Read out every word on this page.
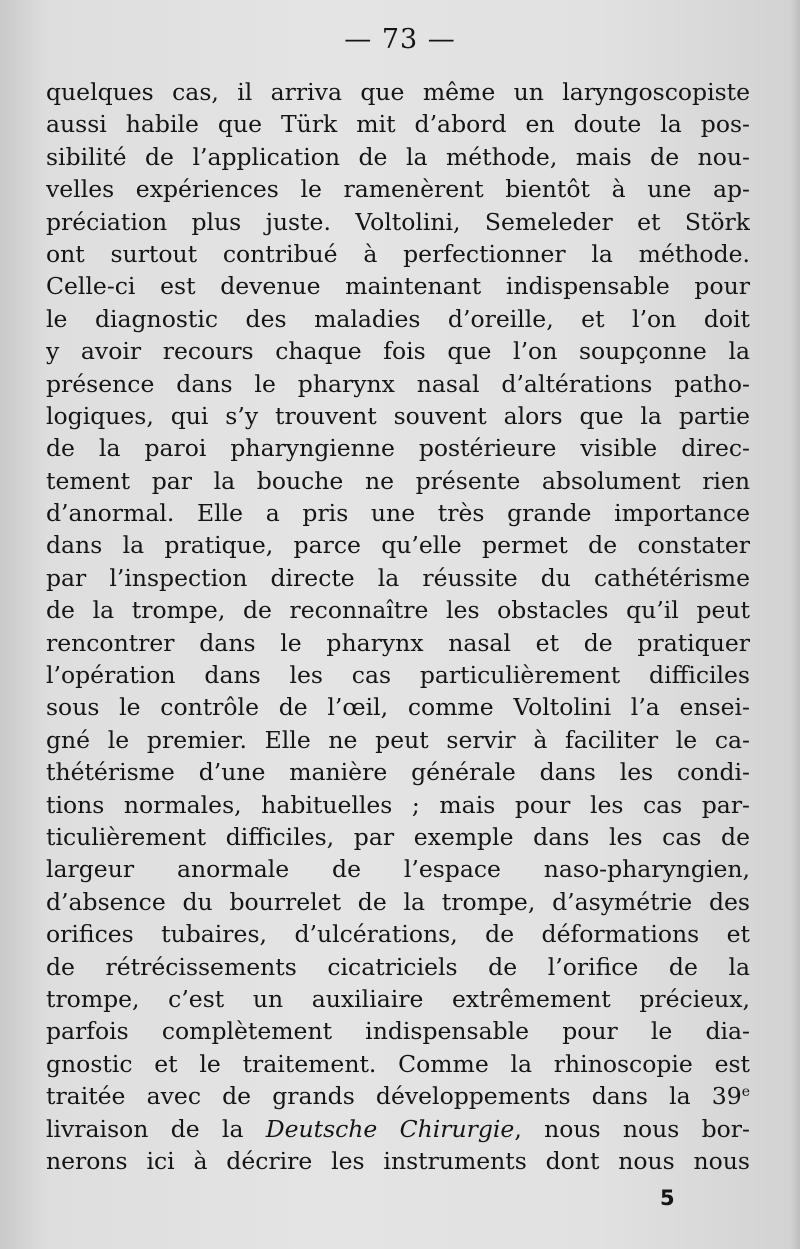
— 73 —
quelques cas, il arriva que même un laryngoscopiste
aussi habile que Türk mit d’abord en doute la pos-
sibilité de l’application de la méthode, mais de nou-
velles expériences le ramenèrent bientôt à une ap-
préciation plus juste. Voltolini, Semeleder et Störk
ont surtout contribué à perfectionner la méthode.
Celle-ci est devenue maintenant indispensable pour
le diagnostic des maladies d’oreille, et l’on doit
y avoir recours chaque fois que l’on soupçonne la
présence dans le pharynx nasal d’altérations patho-
logiques, qui s’y trouvent souvent alors que la partie
de la paroi pharyngienne postérieure visible direc-
tement par la bouche ne présente absolument rien
d’anormal. Elle a pris une très grande importance
dans la pratique, parce qu’elle permet de constater
par l’inspection directe la réussite du cathétérisme
de la trompe, de reconnaître les obstacles qu’il peut
rencontrer dans le pharynx nasal et de pratiquer
l’opération dans les cas particulièrement difficiles
sous le contrôle de l’œil, comme Voltolini l’a ensei-
gné le premier. Elle ne peut servir à faciliter le ca-
thétérisme d’une manière générale dans les condi-
tions normales, habituelles ; mais pour les cas par-
ticulièrement difficiles, par exemple dans les cas de
largeur anormale de l’espace naso-pharyngien,
d’absence du bourrelet de la trompe, d’asymétrie des
orifices tubaires, d’ulcérations, de déformations et
de rétrécissements cicatriciels de l’orifice de la
trompe, c’est un auxiliaire extrêmement précieux,
parfois complètement indispensable pour le dia-
gnostic et le traitement. Comme la rhinoscopie est
traitée avec de grands développements dans la 39e
livraison de la Deutsche Chirurgie, nous nous bor-
nerons ici à décrire les instruments dont nous nous
5
